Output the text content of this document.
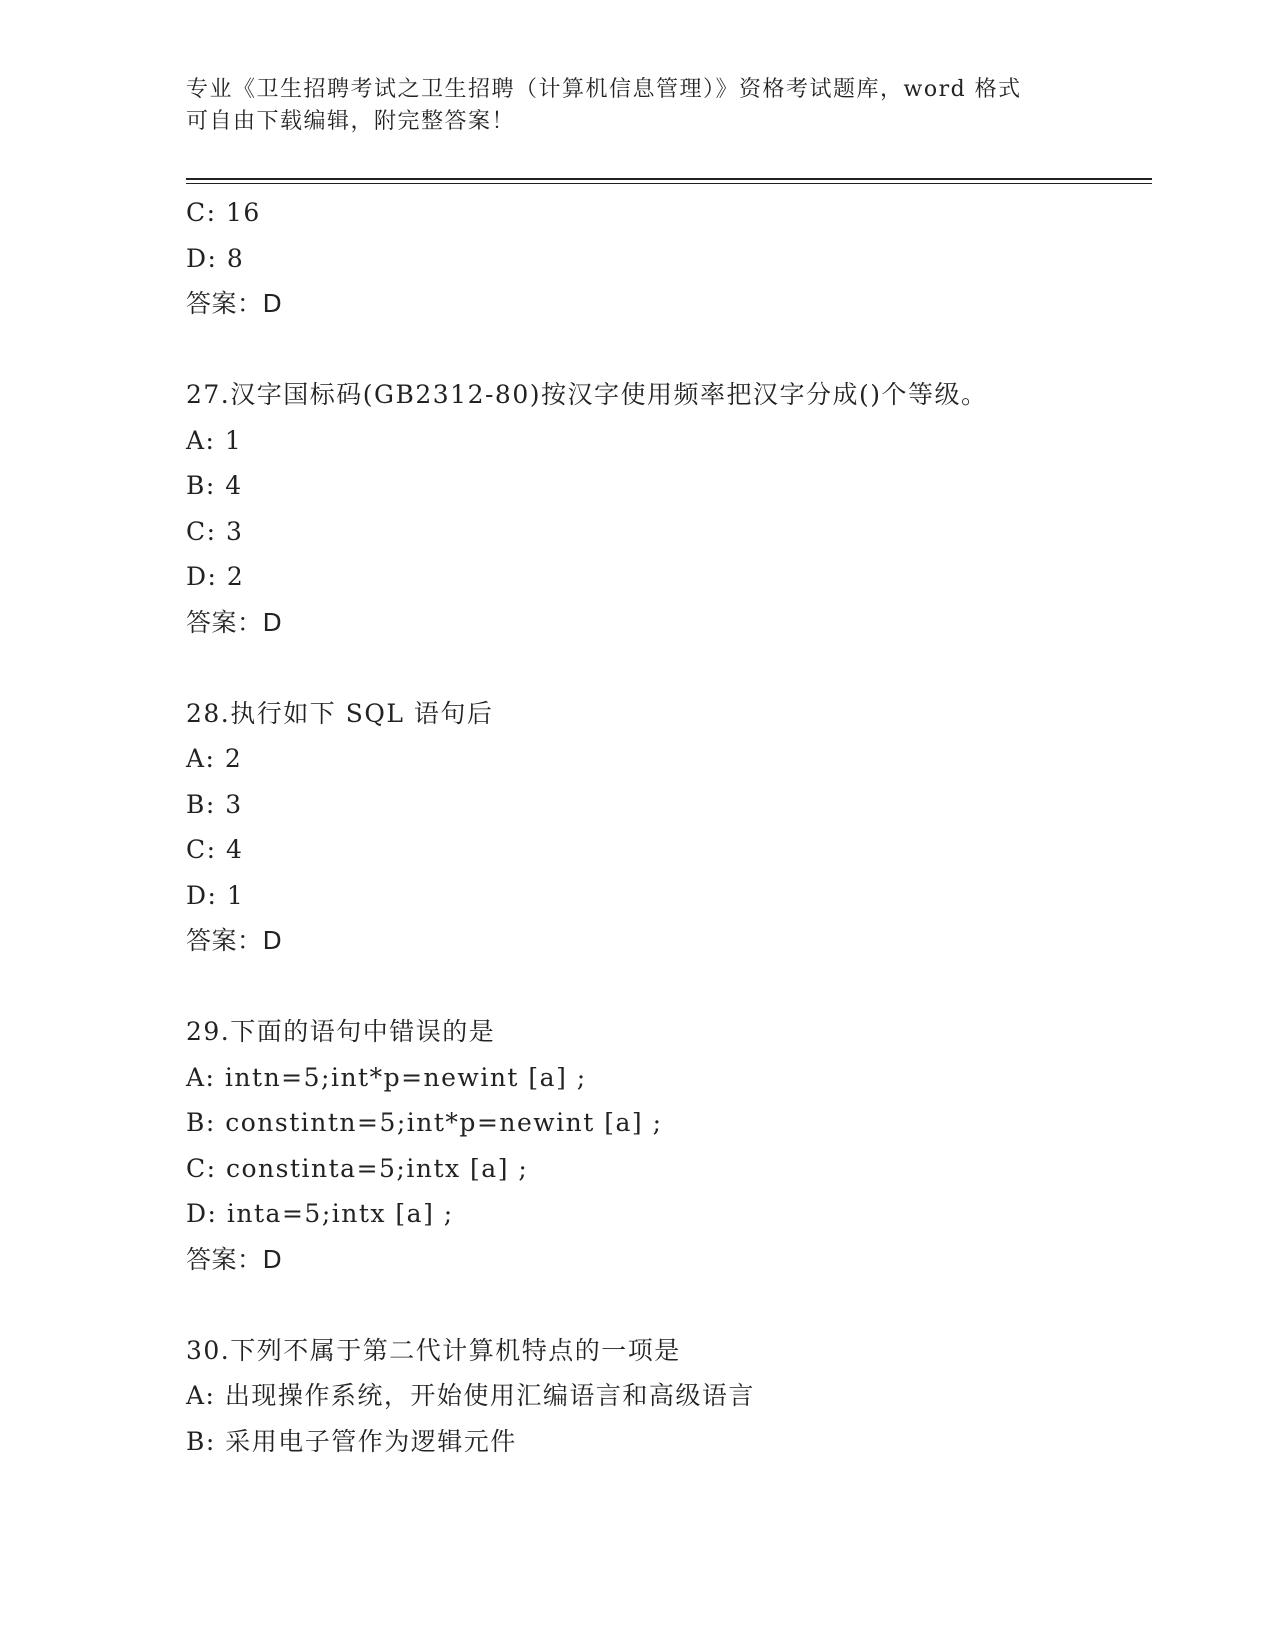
专业《卫生招聘考试之卫生招聘（计算机信息管理）》资格考试题库，word 格式
可自由下载编辑，附完整答案！
C: 16
D: 8
答案：D
27.汉字国标码(GB2312-80)按汉字使用频率把汉字分成()个等级。
A: 1
B: 4
C: 3
D: 2
答案：D
28.执行如下 SQL 语句后
A: 2
B: 3
C: 4
D: 1
答案：D
29.下面的语句中错误的是
A: intn=5;int*p=newint [a] ;
B: constintn=5;int*p=newint [a] ;
C: constinta=5;intx [a] ;
D: inta=5;intx [a] ;
答案：D
30.下列不属于第二代计算机特点的一项是
A: 出现操作系统，开始使用汇编语言和高级语言
B: 采用电子管作为逻辑元件
